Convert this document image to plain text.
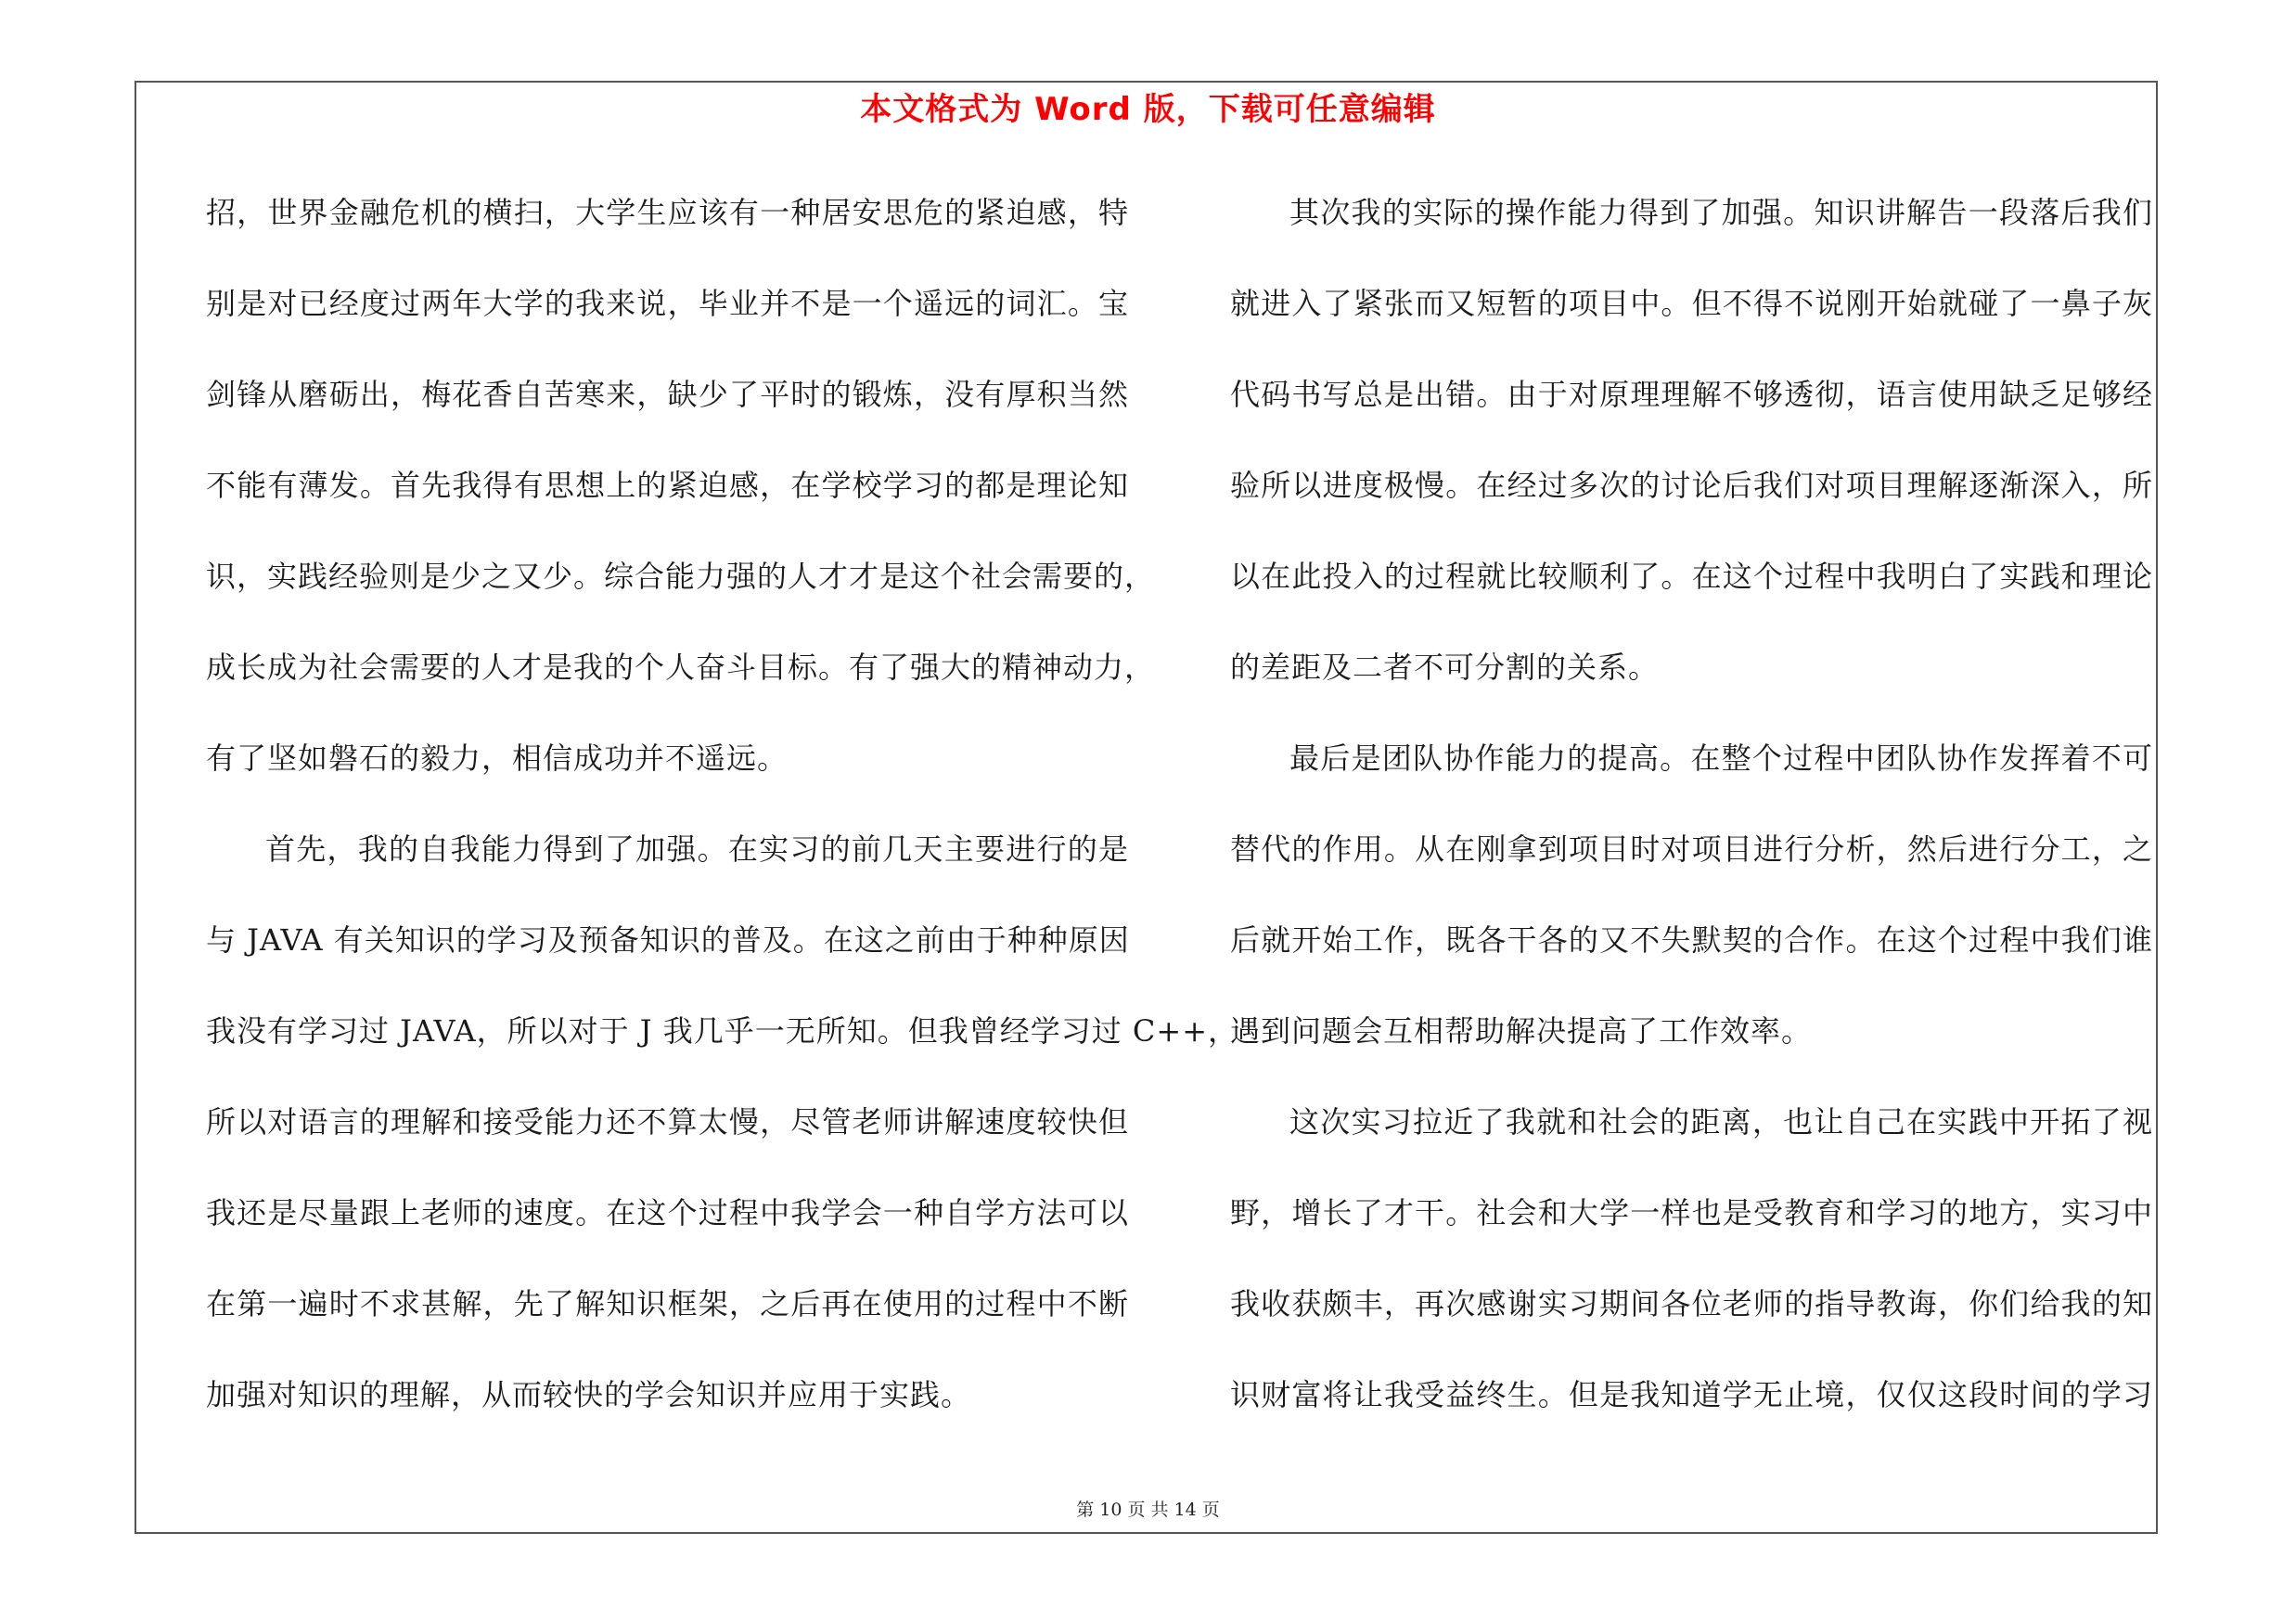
本文格式为 Word 版，下载可任意编辑
招，世界金融危机的横扫，大学生应该有一种居安思危的紧迫感，特
别是对已经度过两年大学的我来说，毕业并不是一个遥远的词汇。宝
剑锋从磨砺出，梅花香自苦寒来，缺少了平时的锻炼，没有厚积当然
不能有薄发。首先我得有思想上的紧迫感，在学校学习的都是理论知
识，实践经验则是少之又少。综合能力强的人才才是这个社会需要的，
成长成为社会需要的人才是我的个人奋斗目标。有了强大的精神动力，
有了坚如磐石的毅力，相信成功并不遥远。
首先，我的自我能力得到了加强。在实习的前几天主要进行的是
与 JAVA 有关知识的学习及预备知识的普及。在这之前由于种种原因
我没有学习过 JAVA，所以对于 J 我几乎一无所知。但我曾经学习过 C++，
所以对语言的理解和接受能力还不算太慢，尽管老师讲解速度较快但
我还是尽量跟上老师的速度。在这个过程中我学会一种自学方法可以
在第一遍时不求甚解，先了解知识框架，之后再在使用的过程中不断
加强对知识的理解，从而较快的学会知识并应用于实践。
其次我的实际的操作能力得到了加强。知识讲解告一段落后我们
就进入了紧张而又短暂的项目中。但不得不说刚开始就碰了一鼻子灰
代码书写总是出错。由于对原理理解不够透彻，语言使用缺乏足够经
验所以进度极慢。在经过多次的讨论后我们对项目理解逐渐深入，所
以在此投入的过程就比较顺利了。在这个过程中我明白了实践和理论
的差距及二者不可分割的关系。
最后是团队协作能力的提高。在整个过程中团队协作发挥着不可
替代的作用。从在刚拿到项目时对项目进行分析，然后进行分工，之
后就开始工作，既各干各的又不失默契的合作。在这个过程中我们谁
遇到问题会互相帮助解决提高了工作效率。
这次实习拉近了我就和社会的距离，也让自己在实践中开拓了视
野，增长了才干。社会和大学一样也是受教育和学习的地方，实习中
我收获颇丰，再次感谢实习期间各位老师的指导教诲，你们给我的知
识财富将让我受益终生。但是我知道学无止境，仅仅这段时间的学习
第 10 页 共 14 页
